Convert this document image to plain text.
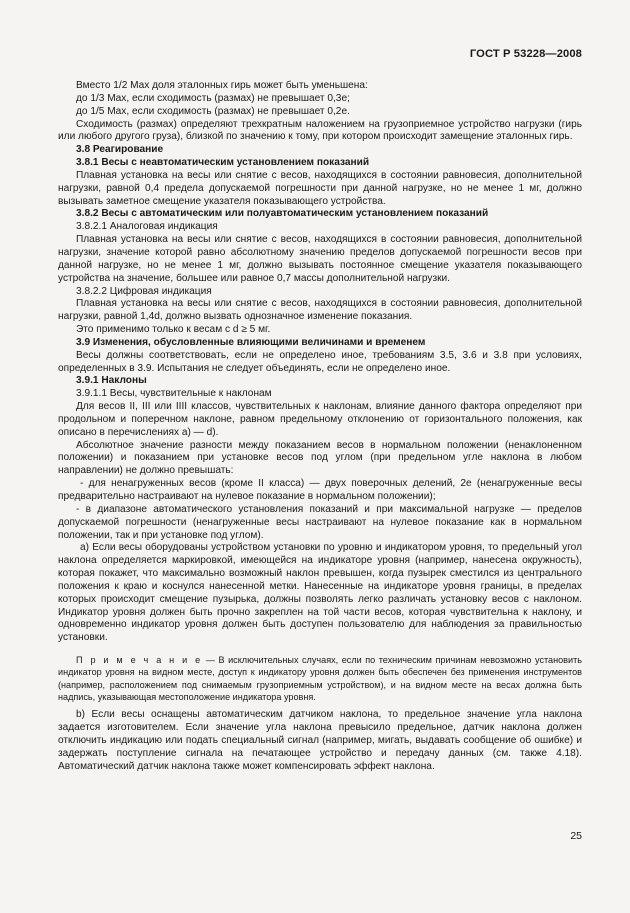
ГОСТ Р 53228—2008

Вместо 1/2 Max доля эталонных гирь может быть уменьшена:

до 1/3 Max, если сходимость (размах) не превышает 0,3e;

до 1/5 Max, если сходимость (размах) не превышает 0,2e.

Сходимость (размах) определяют трехкратным наложением на грузоприемное устройство нагрузки (гирь или любого другого груза), близкой по значению к тому, при котором происходит замещение эталонных гирь.

3.8 Реагирование

3.8.1 Весы с неавтоматическим установлением показаний

Плавная установка на весы или снятие с весов, находящихся в состоянии равновесия, дополнительной нагрузки, равной 0,4 предела допускаемой погрешности при данной нагрузке, но не менее 1 мг, должно вызывать заметное смещение указателя показывающего устройства.

3.8.2 Весы с автоматическим или полуавтоматическим установлением показаний

3.8.2.1 Аналоговая индикация

Плавная установка на весы или снятие с весов, находящихся в состоянии равновесия, дополнительной нагрузки, значение которой равно абсолютному значению пределов допускаемой погрешности весов при данной нагрузке, но не менее 1 мг, должно вызывать постоянное смещение указателя показывающего устройства на значение, большее или равное 0,7 массы дополнительной нагрузки.

3.8.2.2 Цифровая индикация

Плавная установка на весы или снятие с весов, находящихся в состоянии равновесия, дополнительной нагрузки, равной 1,4d, должно вызвать однозначное изменение показания.

Это применимо только к весам с d ≥ 5 мг.

3.9 Изменения, обусловленные влияющими величинами и временем

Весы должны соответствовать, если не определено иное, требованиям 3.5, 3.6 и 3.8 при условиях, определенных в 3.9. Испытания не следует объединять, если не определено иное.

3.9.1 Наклоны

3.9.1.1 Весы, чувствительные к наклонам

Для весов II, III или IIII классов, чувствительных к наклонам, влияние данного фактора определяют при продольном и поперечном наклоне, равном предельному отклонению от горизонтального положения, как описано в перечислениях а) — d).

Абсолютное значение разности между показанием весов в нормальном положении (ненаклоненном положении) и показанием при установке весов под углом (при предельном угле наклона в любом направлении) не должно превышать:

- для ненагруженных весов (кроме II класса) — двух поверочных делений, 2e (ненагруженные весы предварительно настраивают на нулевое показание в нормальном положении);

- в диапазоне автоматического установления показаний и при максимальной нагрузке — пределов допускаемой погрешности (ненагруженные весы настраивают на нулевое показание как в нормальном положении, так и при установке под углом).

а) Если весы оборудованы устройством установки по уровню и индикатором уровня, то предельный угол наклона определяется маркировкой, имеющейся на индикаторе уровня (например, нанесена окружность), которая покажет, что максимально возможный наклон превышен, когда пузырек сместился из центрального положения к краю и коснулся нанесенной метки. Нанесенные на индикаторе уровня границы, в пределах которых происходит смещение пузырька, должны позволять легко различать установку весов с наклоном. Индикатор уровня должен быть прочно закреплен на той части весов, которая чувствительна к наклону, и одновременно индикатор уровня должен быть доступен пользователю для наблюдения за правильностью установки.

П р и м е ч а н и е — В исключительных случаях, если по техническим причинам невозможно установить индикатор уровня на видном месте, доступ к индикатору уровня должен быть обеспечен без применения инструментов (например, расположением под снимаемым грузоприемным устройством), и на видном месте на весах должна быть надпись, указывающая местоположение индикатора уровня.

b) Если весы оснащены автоматическим датчиком наклона, то предельное значение угла наклона задается изготовителем. Если значение угла наклона превысило предельное, датчик наклона должен отключить индикацию или подать специальный сигнал (например, мигать, выдавать сообщение об ошибке) и задержать поступление сигнала на печатающее устройство и передачу данных (см. также 4.18). Автоматический датчик наклона также может компенсировать эффект наклона.

25
